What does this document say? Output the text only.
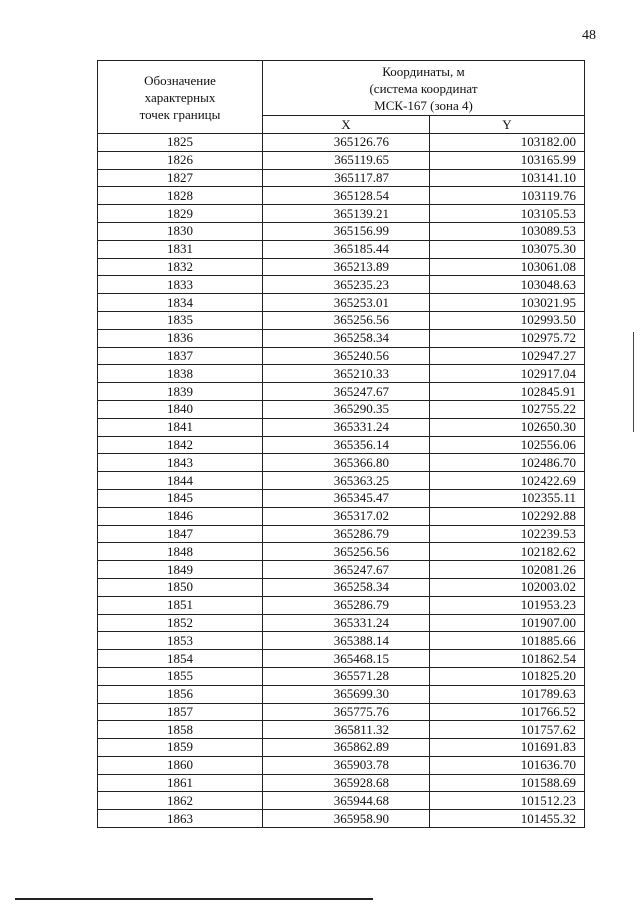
48
Обозначение
характерных
точек границы	Координаты, м
(система координат
МСК-167 (зона 4)	

	X	Y
1825	365126.76	103182.00
1826	365119.65	103165.99
1827	365117.87	103141.10
1828	365128.54	103119.76
1829	365139.21	103105.53
1830	365156.99	103089.53
1831	365185.44	103075.30
1832	365213.89	103061.08
1833	365235.23	103048.63
1834	365253.01	103021.95
1835	365256.56	102993.50
1836	365258.34	102975.72
1837	365240.56	102947.27
1838	365210.33	102917.04
1839	365247.67	102845.91
1840	365290.35	102755.22
1841	365331.24	102650.30
1842	365356.14	102556.06
1843	365366.80	102486.70
1844	365363.25	102422.69
1845	365345.47	102355.11
1846	365317.02	102292.88
1847	365286.79	102239.53
1848	365256.56	102182.62
1849	365247.67	102081.26
1850	365258.34	102003.02
1851	365286.79	101953.23
1852	365331.24	101907.00
1853	365388.14	101885.66
1854	365468.15	101862.54
1855	365571.28	101825.20
1856	365699.30	101789.63
1857	365775.76	101766.52
1858	365811.32	101757.62
1859	365862.89	101691.83
1860	365903.78	101636.70
1861	365928.68	101588.69
1862	365944.68	101512.23
1863	365958.90	101455.32
